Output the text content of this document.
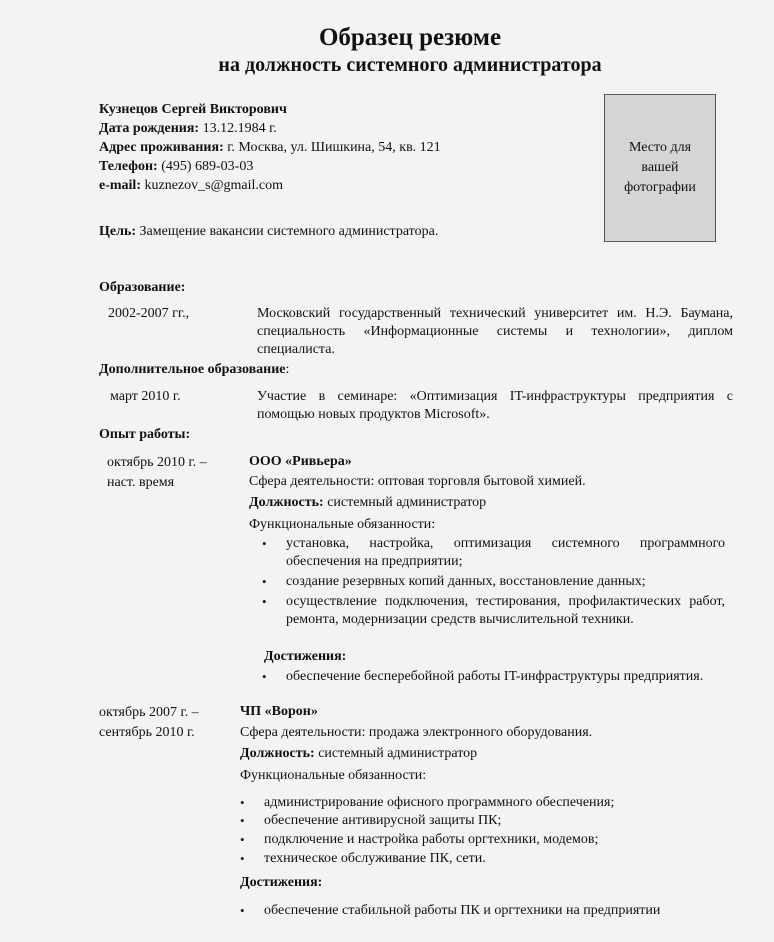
Образец резюме
на должность системного администратора
Место для
вашей
фотографии
Кузнецов Сергей Викторович
Дата рождения: 13.12.1984 г.
Адрес проживания: г. Москва, ул. Шишкина, 54, кв. 121
Телефон: (495) 689-03-03
e-mail: kuznezov_s@gmail.com
Цель: Замещение вакансии системного администратора.
Образование:
2002-2007 гг.,	Московский государственный технический университет им. Н.Э. Баумана, специальность «Информационные системы и технологии», диплом специалиста.
Дополнительное образование:
март 2010 г.	Участие в семинаре: «Оптимизация IT-инфраструктуры предприятия с помощью новых продуктов Microsoft».
Опыт работы:
октябрь 2010 г. –
наст. время
ООО «Ривьера»
Сфера деятельности: оптовая торговля бытовой химией.
Должность: системный администратор
Функциональные обязанности:
•	установка, настройка, оптимизация системного программного обеспечения на предприятии;
•	создание резервных копий данных, восстановление данных;
•	осуществление подключения, тестирования, профилактических работ, ремонта, модернизации средств вычислительной техники.
Достижения:
•	обеспечение бесперебойной работы IT-инфраструктуры предприятия.
октябрь 2007 г. –
сентябрь 2010 г.
ЧП «Ворон»
Сфера деятельности: продажа электронного оборудования.
Должность: системный администратор
Функциональные обязанности:
•	администрирование офисного программного обеспечения;
•	обеспечение антивирусной защиты ПК;
•	подключение и настройка работы оргтехники, модемов;
•	техническое обслуживание ПК, сети.
Достижения:
•	обеспечение стабильной работы ПК и оргтехники на предприятии
